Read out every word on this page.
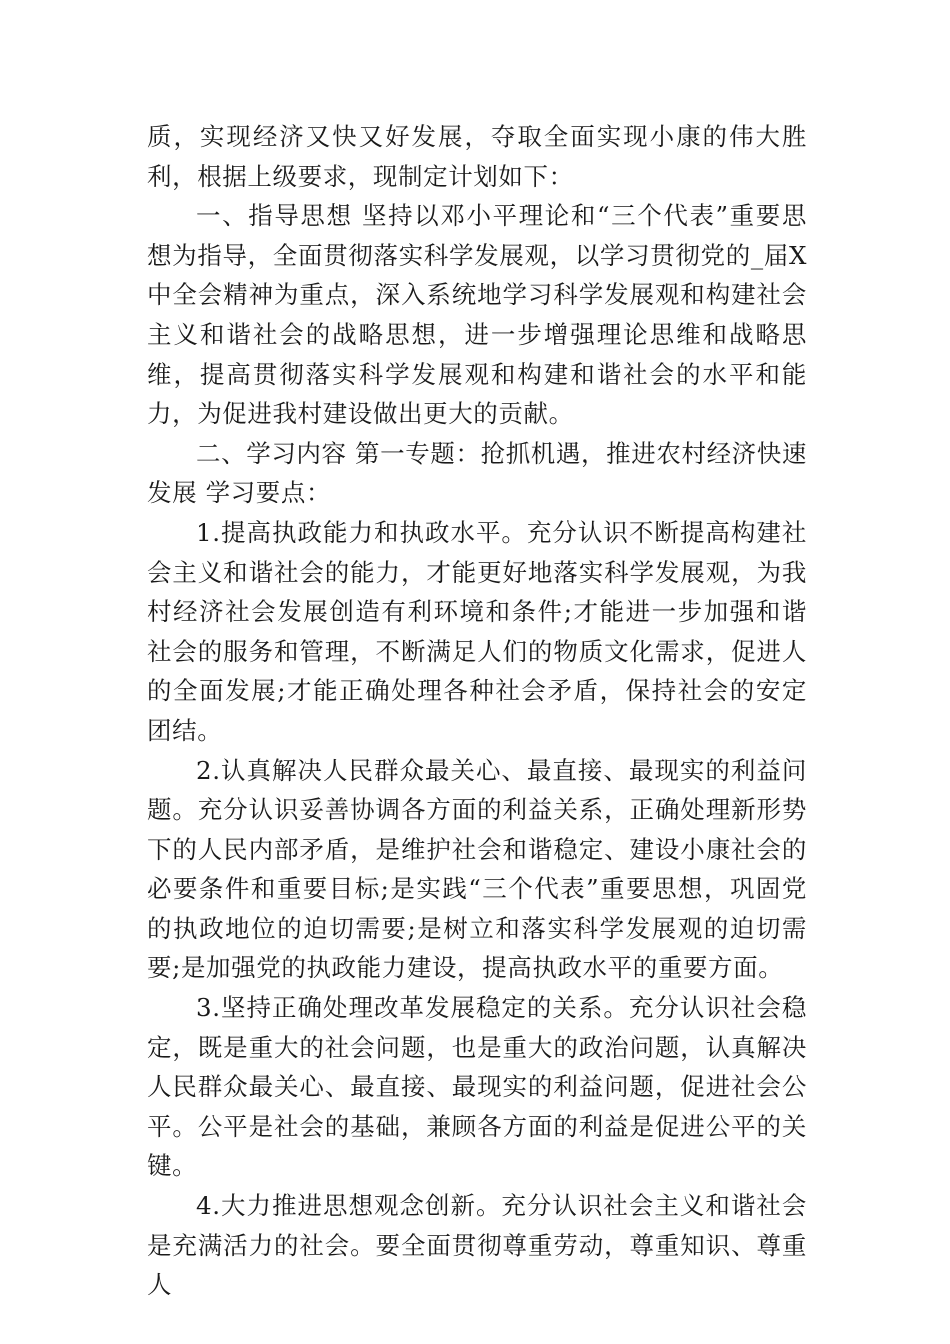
质，实现经济又快又好发展，夺取全面实现小康的伟大胜利，根据上级要求，现制定计划如下：

一、指导思想 坚持以邓小平理论和“三个代表”重要思想为指导，全面贯彻落实科学发展观，以学习贯彻党的_届X中全会精神为重点，深入系统地学习科学发展观和构建社会主义和谐社会的战略思想，进一步增强理论思维和战略思维，提高贯彻落实科学发展观和构建和谐社会的水平和能力，为促进我村建设做出更大的贡献。

二、学习内容 第一专题：抢抓机遇，推进农村经济快速发展 学习要点：

1.提高执政能力和执政水平。充分认识不断提高构建社会主义和谐社会的能力，才能更好地落实科学发展观，为我村经济社会发展创造有利环境和条件;才能进一步加强和谐社会的服务和管理，不断满足人们的物质文化需求，促进人的全面发展;才能正确处理各种社会矛盾，保持社会的安定团结。

2.认真解决人民群众最关心、最直接、最现实的利益问题。充分认识妥善协调各方面的利益关系，正确处理新形势下的人民内部矛盾，是维护社会和谐稳定、建设小康社会的必要条件和重要目标;是实践“三个代表”重要思想，巩固党的执政地位的迫切需要;是树立和落实科学发展观的迫切需要;是加强党的执政能力建设，提高执政水平的重要方面。

3.坚持正确处理改革发展稳定的关系。充分认识社会稳定，既是重大的社会问题，也是重大的政治问题，认真解决人民群众最关心、最直接、最现实的利益问题，促进社会公平。公平是社会的基础，兼顾各方面的利益是促进公平的关键。

4.大力推进思想观念创新。充分认识社会主义和谐社会是充满活力的社会。要全面贯彻尊重劳动，尊重知识、尊重人
